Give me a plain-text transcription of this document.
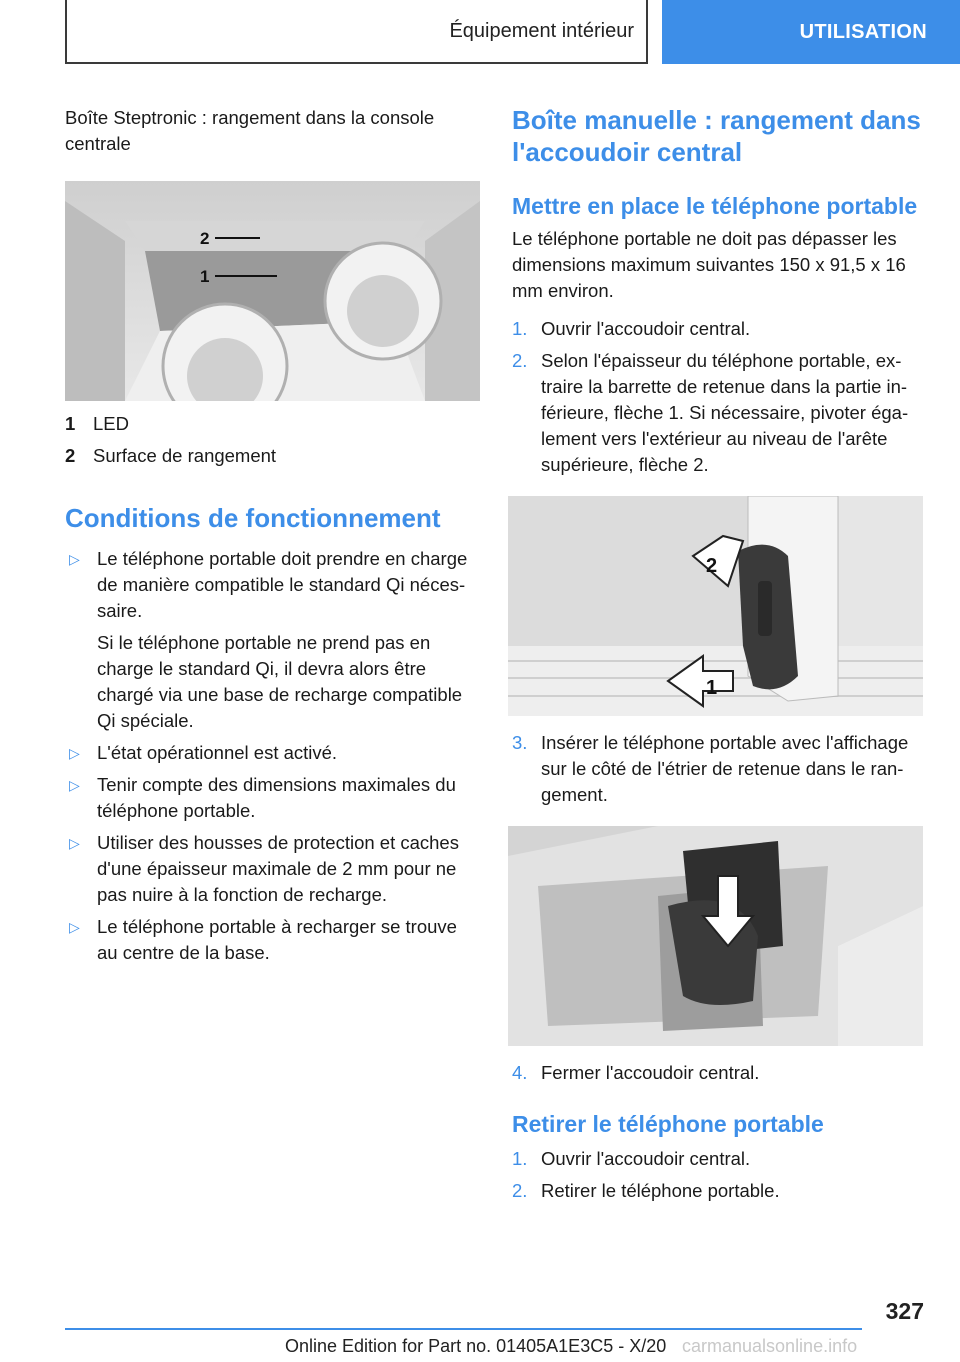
Équipement intérieur	UTILISATION

Boîte Steptronic : rangement dans la console centrale

2
1
1 LED
2 Surface de rangement
Conditions de fonctionnement
▷ Le téléphone portable doit prendre en charge de manière compatible le standard Qi néces-saire.
Si le téléphone portable ne prend pas en charge le standard Qi, il devra alors être chargé via une base de recharge compatible Qi spéciale.
▷ L'état opérationnel est activé.
▷ Tenir compte des dimensions maximales du téléphone portable.
▷ Utiliser des housses de protection et caches d'une épaisseur maximale de 2 mm pour ne pas nuire à la fonction de recharge.
▷ Le téléphone portable à recharger se trouve au centre de la base.
Boîte manuelle : rangement dans l'accoudoir central
Mettre en place le téléphone portable

Le téléphone portable ne doit pas dépasser les dimensions maximum suivantes 150 x 91,5 x 16 mm environ.

1. Ouvrir l'accoudoir central.
2. Selon l'épaisseur du téléphone portable, ex-traire la barrette de retenue dans la partie in-férieure, flèche 1. Si nécessaire, pivoter éga-lement vers l'extérieur au niveau de l'arête supérieure, flèche 2.
1
2
3. Insérer le téléphone portable avec l'affichage sur le côté de l'étrier de retenue dans le ran-gement.
4. Fermer l'accoudoir central.
Retirer le téléphone portable
1. Ouvrir l'accoudoir central.
2. Retirer le téléphone portable.
327
Online Edition for Part no. 01405A1E3C5 - X/20 carmanualsonline.info
